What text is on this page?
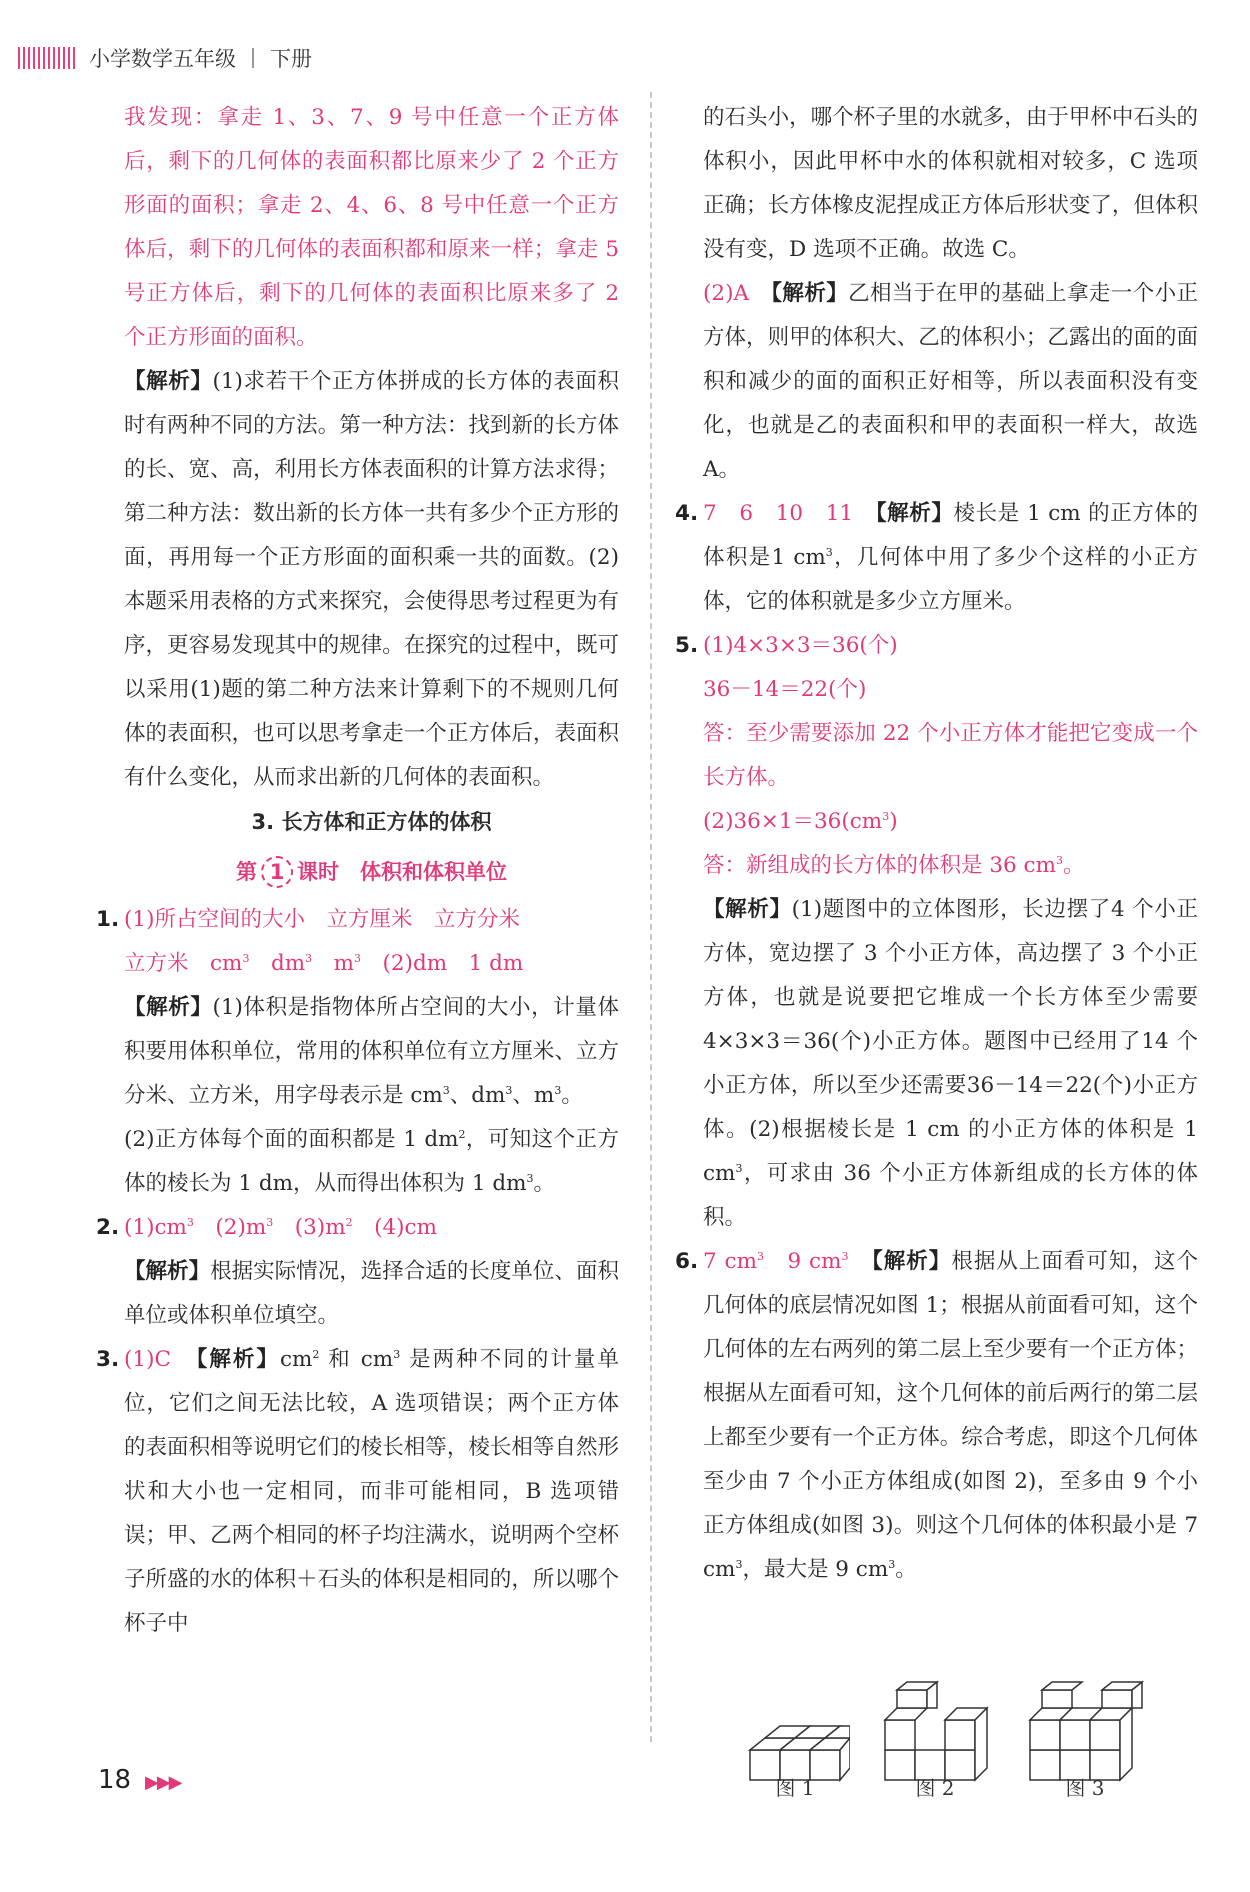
小学数学五年级 下册

我发现：拿走 1、3、7、9 号中任意一个正方体后，剩下的几何体的表面积都比原来少了 2 个正方形面的面积；拿走 2、4、6、8 号中任意一个正方体后，剩下的几何体的表面积都和原来一样；拿走 5 号正方体后，剩下的几何体的表面积比原来多了 2 个正方形面的面积。

【解析】(1)求若干个正方体拼成的长方体的表面积时有两种不同的方法。第一种方法：找到新的长方体的长、宽、高，利用长方体表面积的计算方法求得；第二种方法：数出新的长方体一共有多少个正方形的面，再用每一个正方形面的面积乘一共的面数。(2)本题采用表格的方式来探究，会使得思考过程更为有序，更容易发现其中的规律。在探究的过程中，既可以采用(1)题的第二种方法来计算剩下的不规则几何体的表面积，也可以思考拿走一个正方体后，表面积有什么变化，从而求出新的几何体的表面积。

3. 长方体和正方体的体积

第 1 课时　体积和体积单位

1. (1)所占空间的大小　立方厘米　立方分米
立方米　$cm^3$　$dm^3$　$m^3$　(2)dm　1 dm

【解析】(1)体积是指物体所占空间的大小，计量体积要用体积单位，常用的体积单位有立方厘米、立方分米、立方米，用字母表示是 $cm^3$、$dm^3$、$m^3$。

(2)正方体每个面的面积都是 1 $dm^2$，可知这个正方体的棱长为 1 dm，从而得出体积为 1 $dm^3$。

2. $(1)cm^3$　$(2)m^3$　$(3)m^2$　(4)cm

【解析】根据实际情况，选择合适的长度单位、面积单位或体积单位填空。

3. (1)C　 【解析】$cm^2$ 和 $cm^3$ 是两种不同的计量单位，它们之间无法比较，A 选项错误；两个正方体的表面积相等说明它们的棱长相等，棱长相等自然形状和大小也一定相同，而非可能相同，B 选项错误；甲、乙两个相同的杯子均注满水，说明两个空杯子所盛的水的体积＋石头的体积是相同的，所以哪个杯子中

的石头小，哪个杯子里的水就多，由于甲杯中石头的体积小，因此甲杯中水的体积就相对较多，C 选项正确；长方体橡皮泥捏成正方体后形状变了，但体积没有变，D 选项不正确。故选 C。

(2)A　 【解析】乙相当于在甲的基础上拿走一个小正方体，则甲的体积大、乙的体积小；乙露出的面的面积和减少的面的面积正好相等，所以表面积没有变化，也就是乙的表面积和甲的表面积一样大，故选 A。

4. 7　6　10　11　 【解析】棱长是 1 cm 的正方体的体积是1 $cm^3$，几何体中用了多少个这样的小正方体，它的体积就是多少立方厘米。

5. (1)4×3×3＝36(个)

36－14＝22(个)

答：至少需要添加 22 个小正方体才能把它变成一个长方体。

$(2)36\times 1=36(cm^3)$

答：新组成的长方体的体积是 36 $cm^3$。

【解析】(1)题图中的立体图形，长边摆了4 个小正方体，宽边摆了 3 个小正方体，高边摆了 3 个小正方体，也就是说要把它堆成一个长方体至少需要4×3×3＝36(个)小正方体。题图中已经用了14 个小正方体，所以至少还需要36－14＝22(个)小正方体。(2)根据棱长是 1 cm 的小正方体的体积是 1 $cm^3$，可求由 36 个小正方体新组成的长方体的体积。

6. 7 $cm^3$　9 $cm^3$　 【解析】根据从上面看可知，这个几何体的底层情况如图 1；根据从前面看可知，这个几何体的左右两列的第二层上至少要有一个正方体；根据从左面看可知，这个几何体的前后两行的第二层上都至少要有一个正方体。综合考虑，即这个几何体至少由 7 个小正方体组成(如图 2)，至多由 9 个小正方体组成(如图 3)。则这个几何体的体积最小是 7 $cm^3$，最大是 9 $cm^3$。

图 1	图 2	图 3
18 ▶▶▶
